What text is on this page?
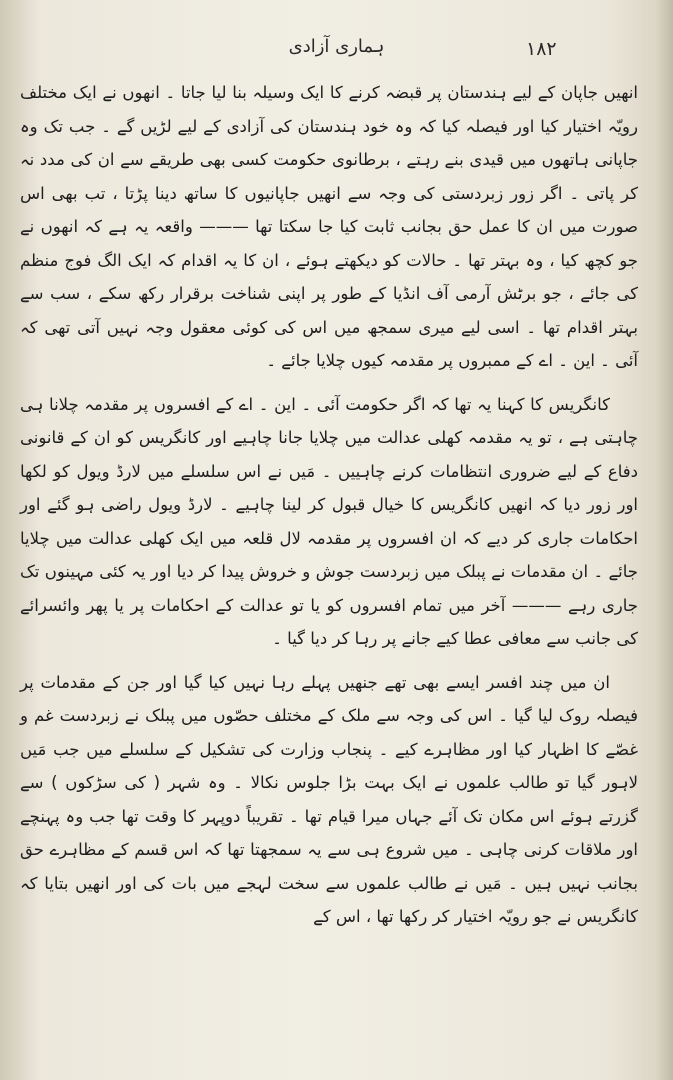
۱۸۲

ہماری آزادی

انھیں جاپان کے لیے ہندستان پر قبضہ کرنے کا ایک وسیلہ بنا لیا جاتا ۔ انھوں نے ایک مختلف رویّہ اختیار کیا اور فیصلہ کیا کہ وہ خود ہندستان کی آزادی کے لیے لڑیں گے ۔ جب تک وہ جاپانی ہاتھوں میں قیدی بنے رہتے ، برطانوی حکومت کسی بھی طریقے سے ان کی مدد نہ کر پاتی ۔ اگر زور زبردستی کی وجہ سے انھیں جاپانیوں کا ساتھ دینا پڑتا ، تب بھی اس صورت میں ان کا عمل حق بجانب ثابت کیا جا سکتا تھا ——— واقعہ یہ ہے کہ انھوں نے جو کچھ کیا ، وہ بہتر تھا ۔ حالات کو دیکھتے ہوئے ، ان کا یہ اقدام کہ ایک الگ فوج منظم کی جائے ، جو برٹش آرمی آف انڈیا کے طور پر اپنی شناخت برقرار رکھ سکے ، سب سے بہتر اقدام تھا ۔ اسی لیے میری سمجھ میں اس کی کوئی معقول وجہ نہیں آتی تھی کہ آئی ۔ این ۔ اے کے ممبروں پر مقدمہ کیوں چلایا جائے ۔

کانگریس کا کہنا یہ تھا کہ اگر حکومت آئی ۔ این ۔ اے کے افسروں پر مقدمہ چلانا ہی چاہتی ہے ، تو یہ مقدمہ کھلی عدالت میں چلایا جانا چاہیے اور کانگریس کو ان کے قانونی دفاع کے لیے ضروری انتظامات کرنے چاہییں ۔ مَیں نے اس سلسلے میں لارڈ ویول کو لکھا اور زور دیا کہ انھیں کانگریس کا خیال قبول کر لینا چاہیے ۔ لارڈ ویول راضی ہو گئے اور احکامات جاری کر دیے کہ ان افسروں پر مقدمہ لال قلعہ میں ایک کھلی عدالت میں چلایا جائے ۔ ان مقدمات نے پبلک میں زبردست جوش و خروش پیدا کر دیا اور یہ کئی مہینوں تک جاری رہے ——— آخر میں تمام افسروں کو یا تو عدالت کے احکامات پر یا پھر وائسرائے کی جانب سے معافی عطا کیے جانے پر رہا کر دیا گیا ۔

ان میں چند افسر ایسے بھی تھے جنھیں پہلے رہا نہیں کیا گیا اور جن کے مقدمات پر فیصلہ روک لیا گیا ۔ اس کی وجہ سے ملک کے مختلف حصّوں میں پبلک نے زبردست غم و غصّے کا اظہار کیا اور مظاہرے کیے ۔ پنجاب وزارت کی تشکیل کے سلسلے میں جب مَیں لاہور گیا تو طالب علموں نے ایک بہت بڑا جلوس نکالا ۔ وہ شہر ( کی سڑکوں ) سے گزرتے ہوئے اس مکان تک آئے جہاں میرا قیام تھا ۔ تقریباً دوپہر کا وقت تھا جب وہ پہنچے اور ملاقات کرنی چاہی ۔ میں شروع ہی سے یہ سمجھتا تھا کہ اس قسم کے مظاہرے حق بجانب نہیں ہیں ۔ مَیں نے طالب علموں سے سخت لہجے میں بات کی اور انھیں بتایا کہ کانگریس نے جو رویّہ اختیار کر رکھا تھا ، اس کے
